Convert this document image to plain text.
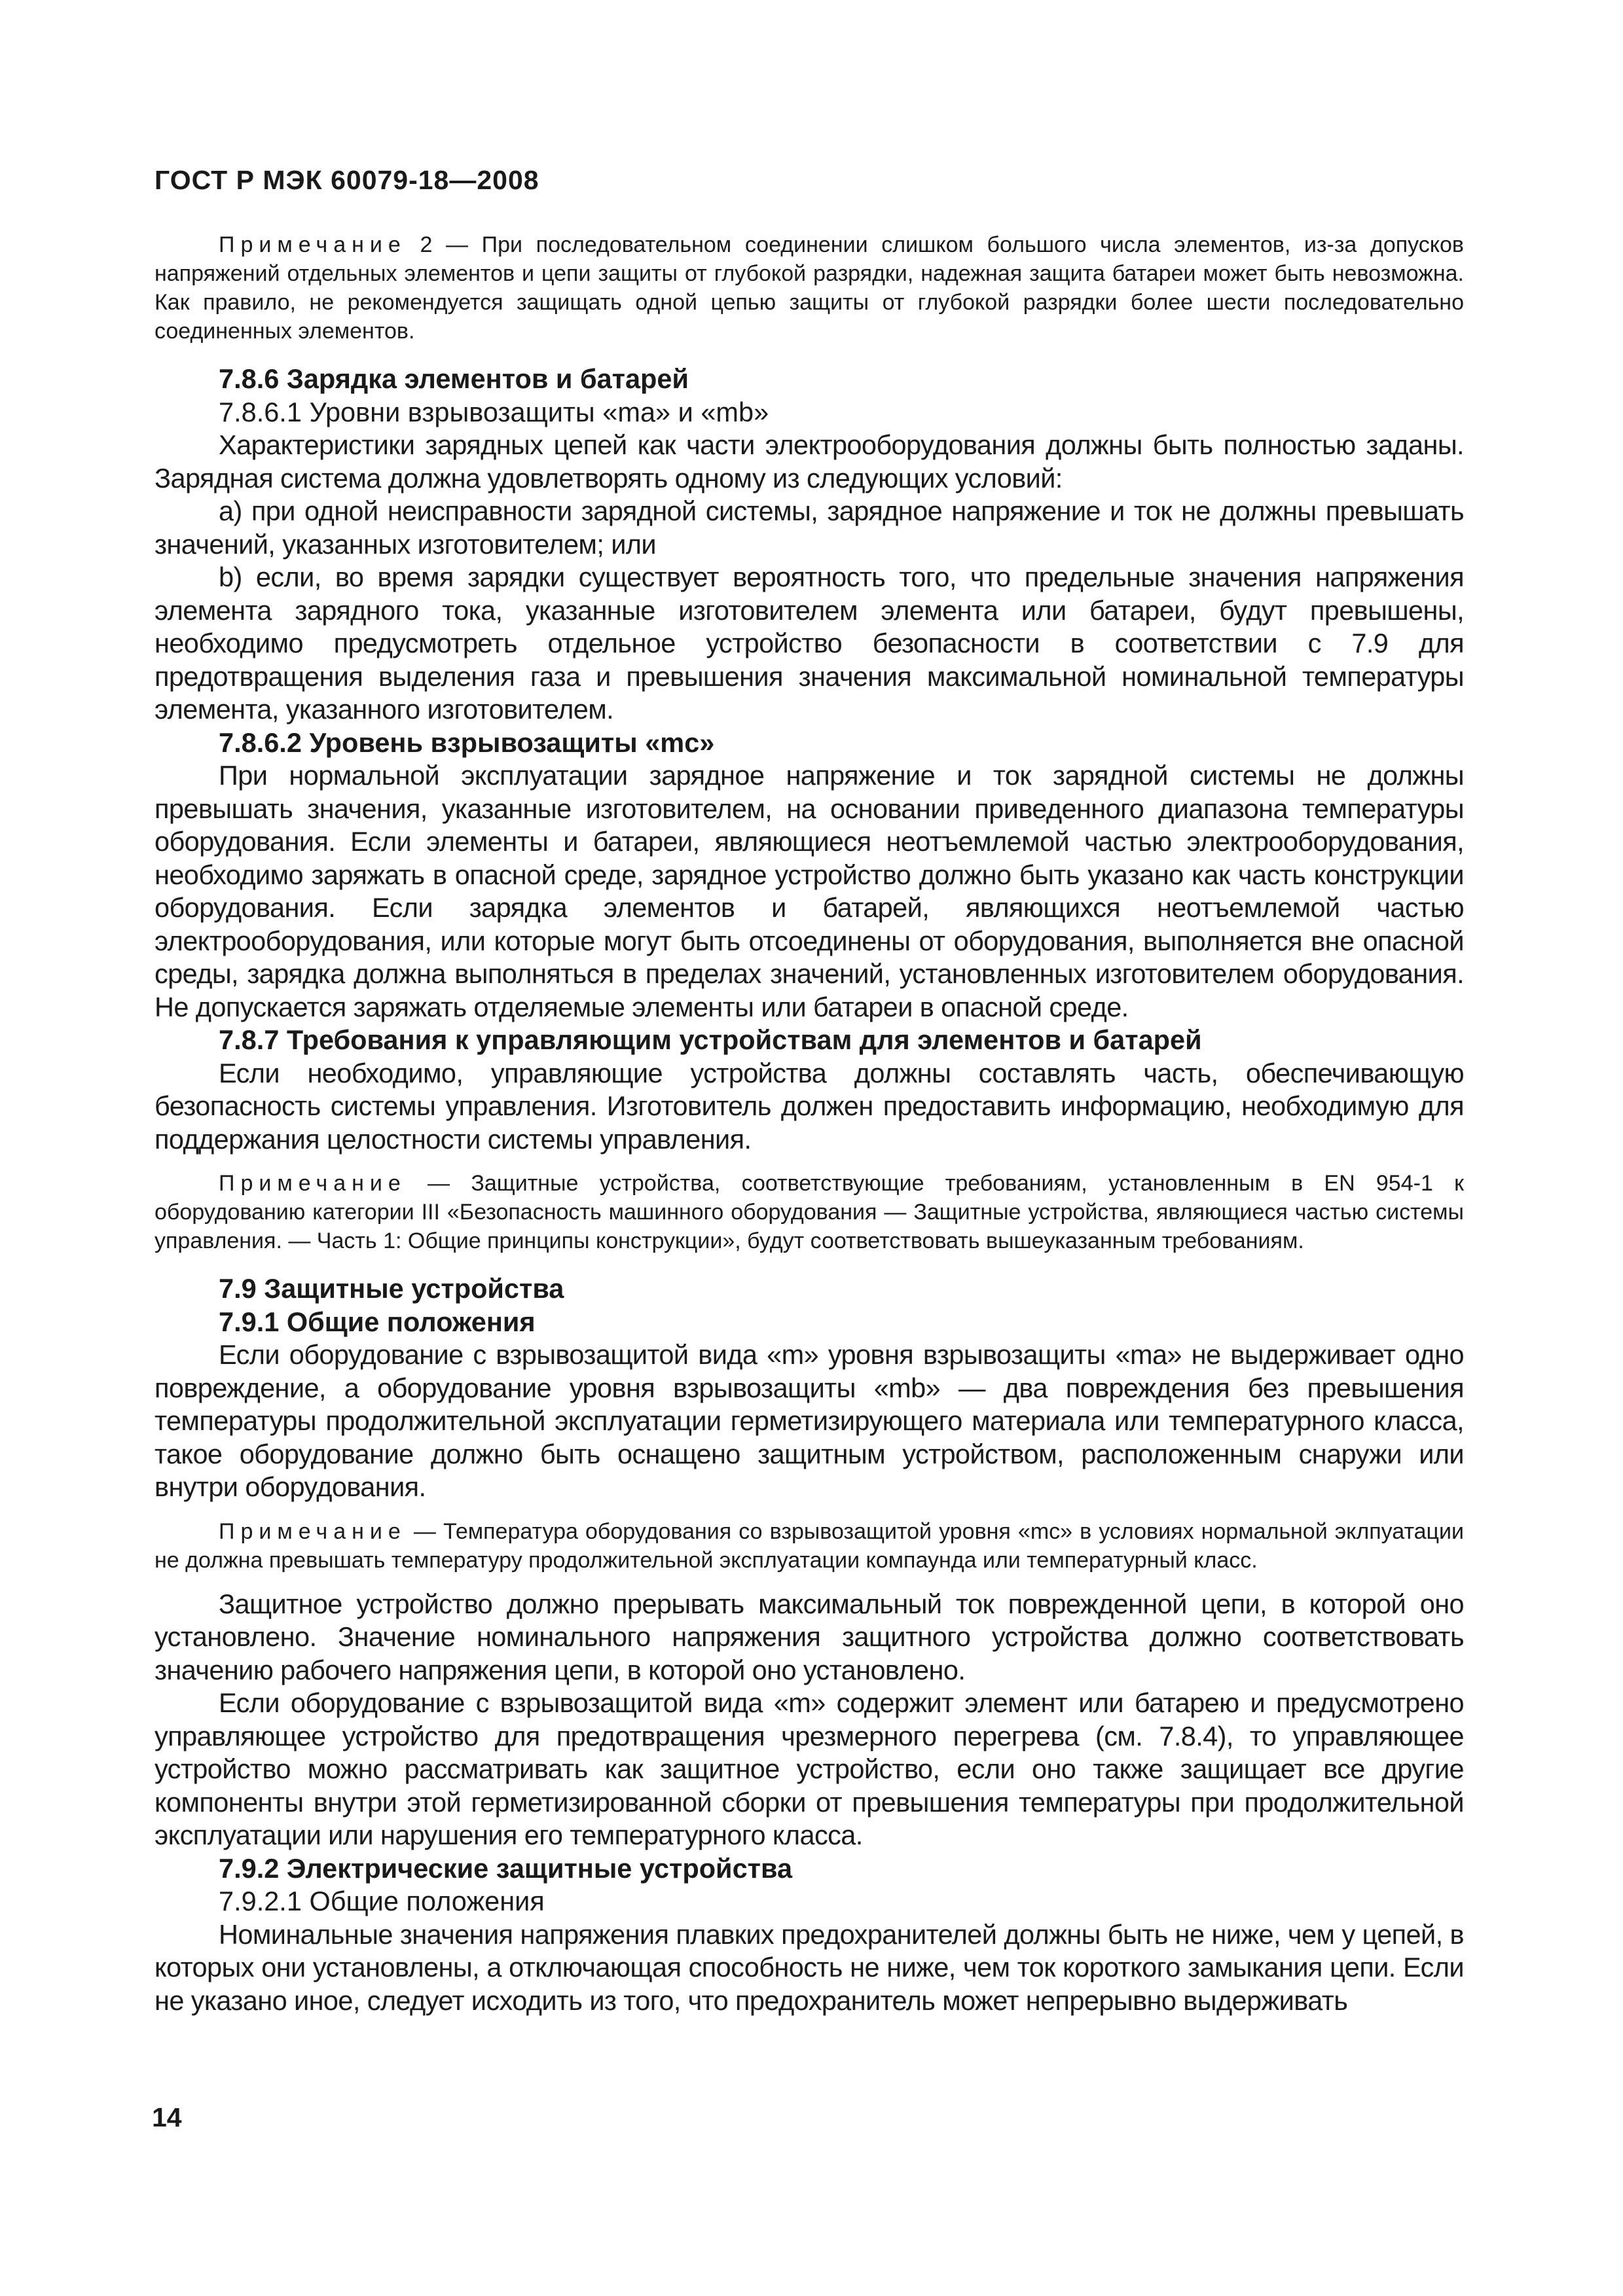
ГОСТ Р МЭК 60079-18—2008

Примечание 2 — При последовательном соединении слишком большого числа элементов, из-за допусков напряжений отдельных элементов и цепи защиты от глубокой разрядки, надежная защита батареи может быть невозможна. Как правило, не рекомендуется защищать одной цепью защиты от глубокой разрядки более шести последовательно соединенных элементов.

7.8.6 Зарядка элементов и батарей

7.8.6.1 Уровни взрывозащиты «ma» и «mb»

Характеристики зарядных цепей как части электрооборудования должны быть полностью заданы. Зарядная система должна удовлетворять одному из следующих условий:

a) при одной неисправности зарядной системы, зарядное напряжение и ток не должны превышать значений, указанных изготовителем; или

b) если, во время зарядки существует вероятность того, что предельные значения напряжения элемента зарядного тока, указанные изготовителем элемента или батареи, будут превышены, необходимо предусмотреть отдельное устройство безопасности в соответствии с 7.9 для предотвращения выделения газа и превышения значения максимальной номинальной температуры элемента, указанного изготовителем.

7.8.6.2 Уровень взрывозащиты «mc»

При нормальной эксплуатации зарядное напряжение и ток зарядной системы не должны превышать значения, указанные изготовителем, на основании приведенного диапазона температуры оборудования. Если элементы и батареи, являющиеся неотъемлемой частью электрооборудования, необходимо заряжать в опасной среде, зарядное устройство должно быть указано как часть конструкции оборудования. Если зарядка элементов и батарей, являющихся неотъемлемой частью электрооборудования, или которые могут быть отсоединены от оборудования, выполняется вне опасной среды, зарядка должна выполняться в пределах значений, установленных изготовителем оборудования. Не допускается заряжать отделяемые элементы или батареи в опасной среде.

7.8.7 Требования к управляющим устройствам для элементов и батарей

Если необходимо, управляющие устройства должны составлять часть, обеспечивающую безопасность системы управления. Изготовитель должен предоставить информацию, необходимую для поддержания целостности системы управления.

Примечание — Защитные устройства, соответствующие требованиям, установленным в EN 954-1 к оборудованию категории III «Безопасность машинного оборудования — Защитные устройства, являющиеся частью системы управления. — Часть 1: Общие принципы конструкции», будут соответствовать вышеуказанным требованиям.

7.9 Защитные устройства

7.9.1 Общие положения

Если оборудование с взрывозащитой вида «m» уровня взрывозащиты «ma» не выдерживает одно повреждение, а оборудование уровня взрывозащиты «mb» — два повреждения без превышения температуры продолжительной эксплуатации герметизирующего материала или температурного класса, такое оборудование должно быть оснащено защитным устройством, расположенным снаружи или внутри оборудования.

Примечание — Температура оборудования со взрывозащитой уровня «mc» в условиях нормальной эклпуатации не должна превышать температуру продолжительной эксплуатации компаунда или температурный класс.

Защитное устройство должно прерывать максимальный ток поврежденной цепи, в которой оно установлено. Значение номинального напряжения защитного устройства должно соответствовать значению рабочего напряжения цепи, в которой оно установлено.

Если оборудование с взрывозащитой вида «m» содержит элемент или батарею и предусмотрено управляющее устройство для предотвращения чрезмерного перегрева (см. 7.8.4), то управляющее устройство можно рассматривать как защитное устройство, если оно также защищает все другие компоненты внутри этой герметизированной сборки от превышения температуры при продолжительной эксплуатации или нарушения его температурного класса.

7.9.2 Электрические защитные устройства

7.9.2.1 Общие положения

Номинальные значения напряжения плавких предохранителей должны быть не ниже, чем у цепей, в которых они установлены, а отключающая способность не ниже, чем ток короткого замыкания цепи. Если не указано иное, следует исходить из того, что предохранитель может непрерывно выдерживать

14
